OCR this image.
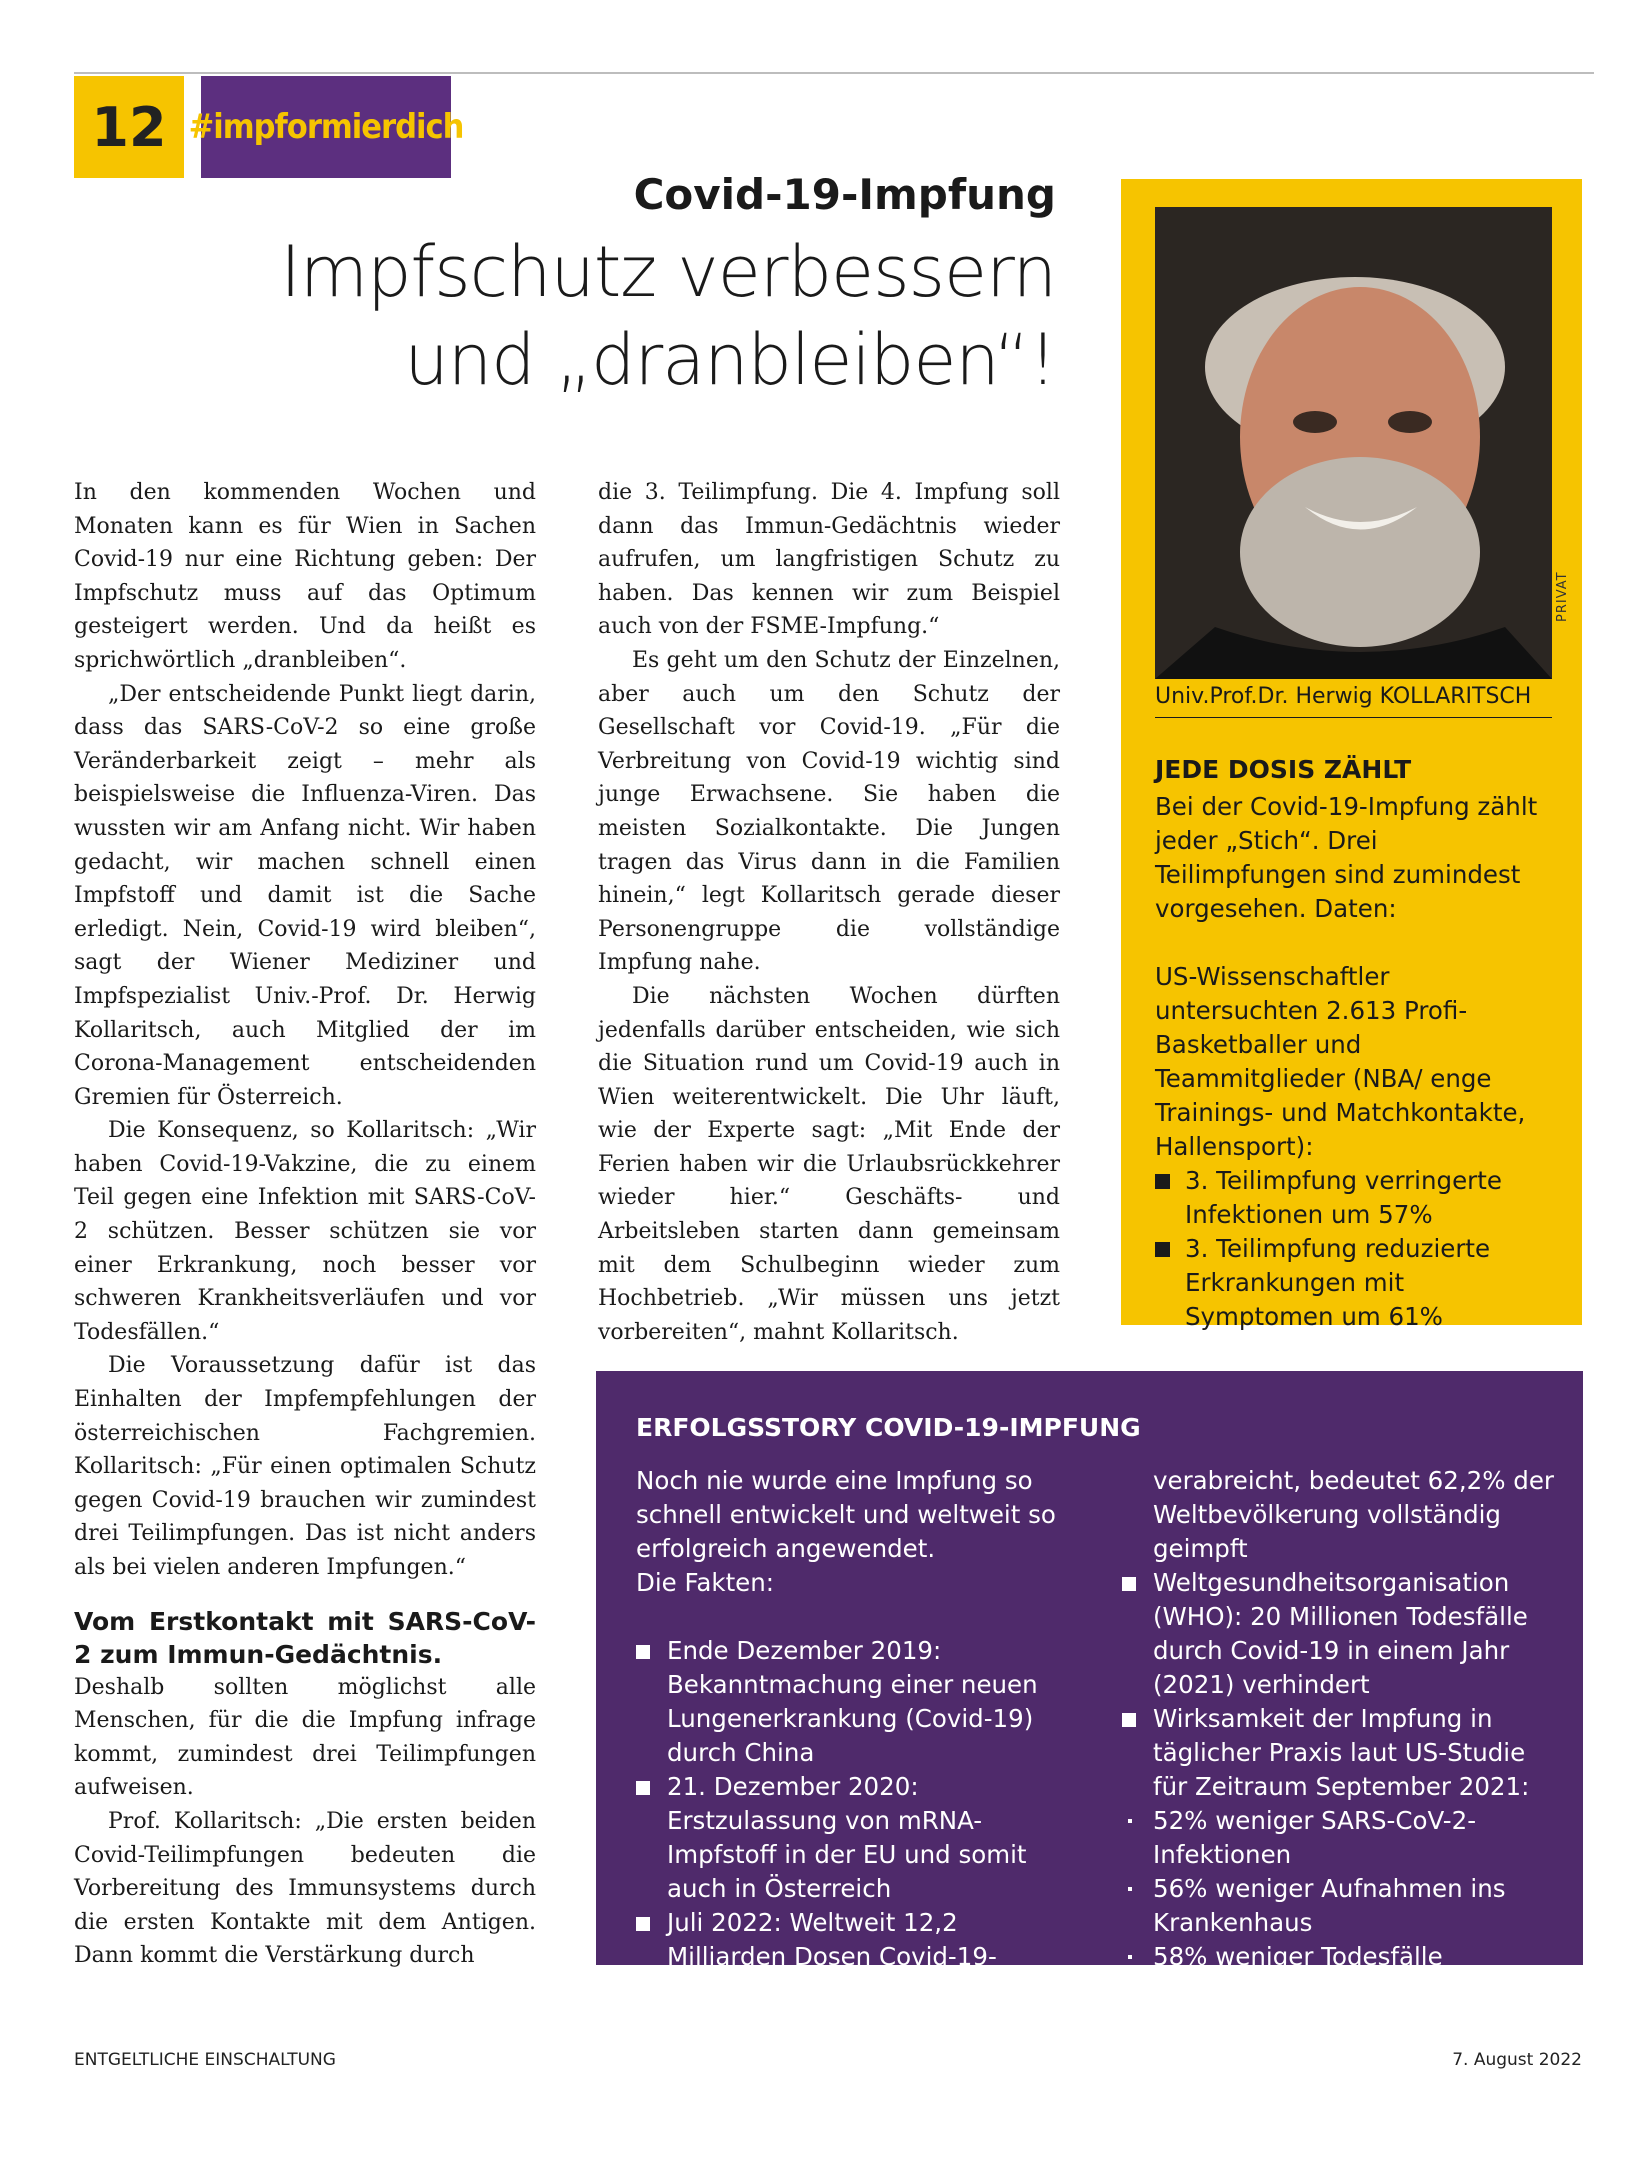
12 #impformierdich
Covid-19-Impfung
Impfschutz verbessern
und „dranbleiben“!

In den kommenden Wochen und Monaten kann es für Wien in Sachen Covid-19 nur eine Richtung geben: Der Impfschutz muss auf das Optimum gesteigert werden. Und da heißt es sprichwörtlich „dranbleiben“.

„Der entscheidende Punkt liegt darin, dass das SARS-CoV-2 so eine große Veränderbarkeit zeigt – mehr als beispielsweise die Influenza-Viren. Das wussten wir am Anfang nicht. Wir haben gedacht, wir machen schnell einen Impfstoff und damit ist die Sache erledigt. Nein, Covid-19 wird bleiben“, sagt der Wiener Mediziner und Impfspezialist Univ.-Prof. Dr. Herwig Kollaritsch, auch Mitglied der im Corona-Management entscheidenden Gremien für Österreich.

Die Konsequenz, so Kollaritsch: „Wir haben Covid-19-Vakzine, die zu einem Teil gegen eine Infektion mit SARS-CoV-2 schützen. Besser schützen sie vor einer Erkrankung, noch besser vor schweren Krankheitsverläufen und vor Todesfällen.“

Die Voraussetzung dafür ist das Einhalten der Impfempfehlungen der österreichischen Fachgremien. Kollaritsch: „Für einen optimalen Schutz gegen Covid-19 brauchen wir zumindest drei Teilimpfungen. Das ist nicht anders als bei vielen anderen Impfungen.“

Vom Erstkontakt mit SARS-CoV-2 zum Immun-Gedächtnis.

Deshalb sollten möglichst alle Menschen, für die die Impfung infrage kommt, zumindest drei Teilimpfungen aufweisen.

Prof. Kollaritsch: „Die ersten beiden Covid-Teilimpfungen bedeuten die Vorbereitung des Immunsystems durch die ersten Kontakte mit dem Antigen. Dann kommt die Verstärkung durch

die 3. Teilimpfung. Die 4. Impfung soll dann das Immun-Gedächtnis wieder aufrufen, um langfristigen Schutz zu haben. Das kennen wir zum Beispiel auch von der FSME-Impfung.“

Es geht um den Schutz der Einzelnen, aber auch um den Schutz der Gesellschaft vor Covid-19. „Für die Verbreitung von Covid-19 wichtig sind junge Erwachsene. Sie haben die meisten Sozialkontakte. Die Jungen tragen das Virus dann in die Familien hinein,“ legt Kollaritsch gerade dieser Personengruppe die vollständige Impfung nahe.

Die nächsten Wochen dürften jedenfalls darüber entscheiden, wie sich die Situation rund um Covid-19 auch in Wien weiterentwickelt. Die Uhr läuft, wie der Experte sagt: „Mit Ende der Ferien haben wir die Urlaubsrückkehrer wieder hier.“ Geschäfts- und Arbeitsleben starten dann gemeinsam mit dem Schulbeginn wieder zum Hochbetrieb. „Wir müssen uns jetzt vorbereiten“, mahnt Kollaritsch.

PRIVAT
Univ.Prof.Dr. Herwig KOLLARITSCH
JEDE DOSIS ZÄHLT

Bei der Covid-19-Impfung zählt jeder „Stich“. Drei Teilimpfungen sind zumindest vorgesehen. Daten:

US-Wissenschaftler untersuchten 2.613 Profi-Basketballer und Teammitglieder (NBA/ enge Trainings- und Matchkontakte, Hallensport):

3. Teilimpfung verringerte Infektionen um 57%
3. Teilimpfung reduzierte Erkrankungen mit Symptomen um 61%
ERFOLGSSTORY COVID-19-IMPFUNG

Noch nie wurde eine Impfung so schnell entwickelt und weltweit so erfolgreich angewendet.

Die Fakten:

Ende Dezember 2019: Bekanntmachung einer neuen Lungenerkrankung (Covid-19) durch China
21. Dezember 2020: Erstzulassung von mRNA-Impfstoff in der EU und somit auch in Österreich
Juli 2022: Weltweit 12,2 Milliarden Dosen Covid-19-Vakzine

verabreicht, bedeutet 62,2% der Weltbevölkerung vollständig geimpft

Weltgesundheitsorganisation (WHO): 20 Millionen Todesfälle durch Covid-19 in einem Jahr (2021) verhindert
Wirksamkeit der Impfung in täglicher Praxis laut US-Studie für Zeitraum September 2021:
52% weniger SARS-CoV-2-Infektionen
56% weniger Aufnahmen ins Krankenhaus
58% weniger Todesfälle
ENTGELTLICHE EINSCHALTUNG	7. August 2022
